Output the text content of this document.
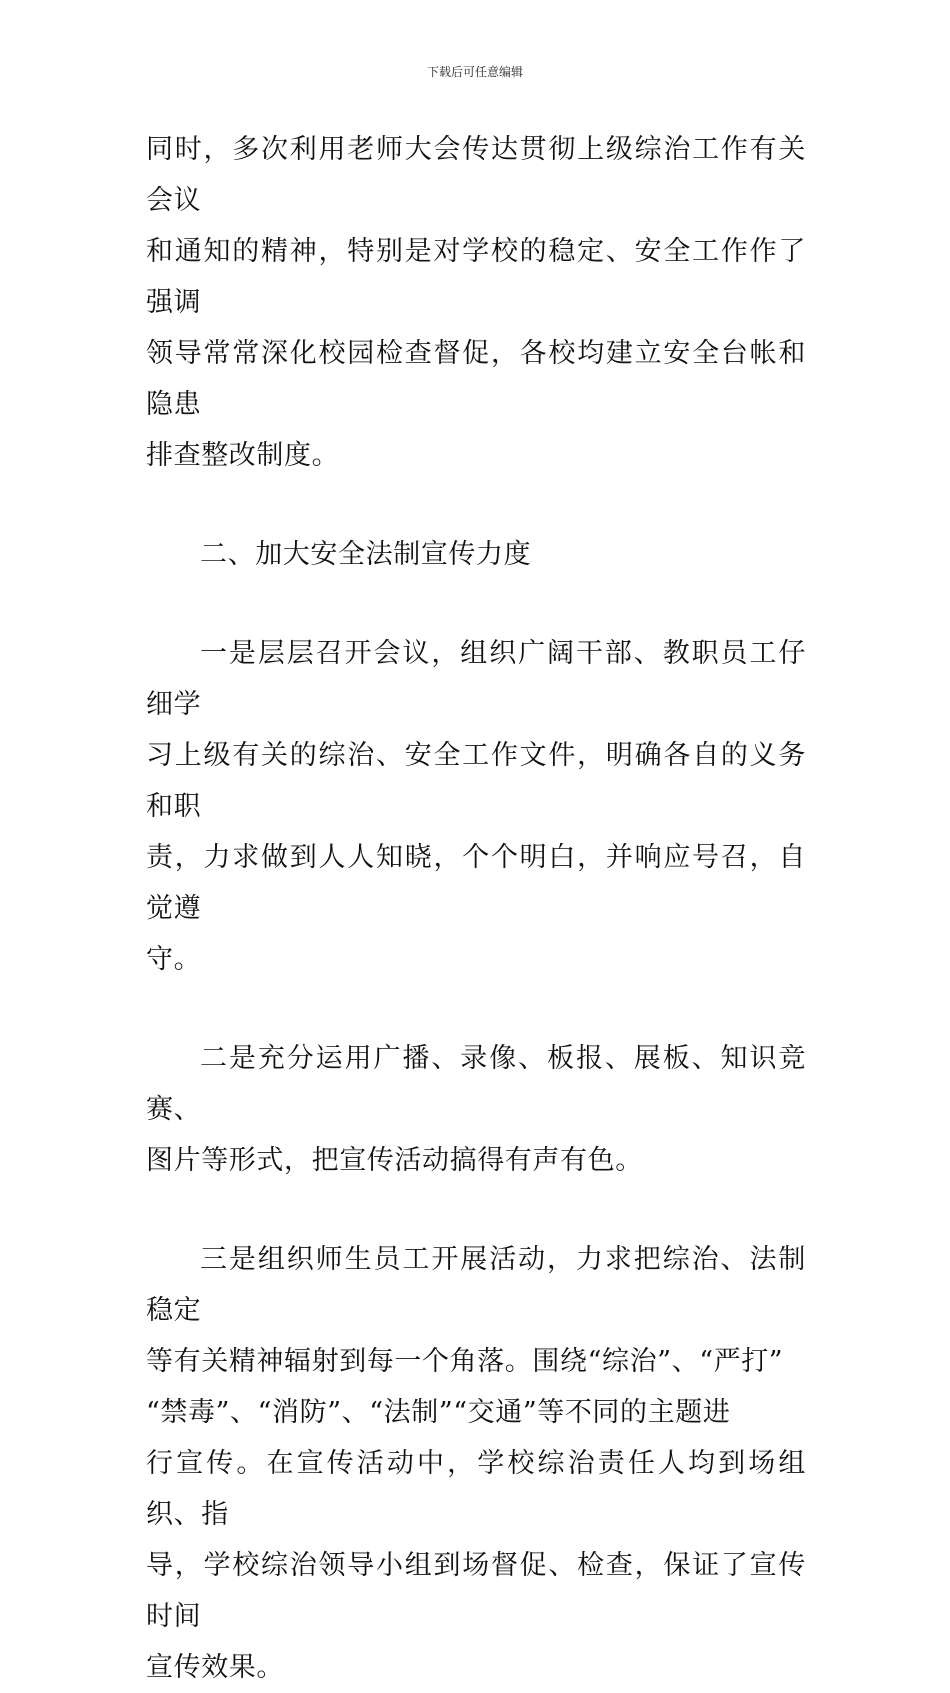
下载后可任意编辑
同时，多次利用老师大会传达贯彻上级综治工作有关会议
和通知的精神，特别是对学校的稳定、安全工作作了强调
领导常常深化校园检查督促，各校均建立安全台帐和隐患
排查整改制度。
二、加大安全法制宣传力度
一是层层召开会议，组织广阔干部、教职员工仔细学
习上级有关的综治、安全工作文件，明确各自的义务和职
责，力求做到人人知晓，个个明白，并响应号召，自觉遵
守。
二是充分运用广播、录像、板报、展板、知识竞赛、
图片等形式，把宣传活动搞得有声有色。
三是组织师生员工开展活动，力求把综治、法制稳定
等有关精神辐射到每一个角落。围绕“综治”、“严打”
“禁毒”、“消防”、“法制”“交通”等不同的主题进
行宣传。在宣传活动中，学校综治责任人均到场组织、指
导，学校综治领导小组到场督促、检查，保证了宣传时间
宣传效果。
